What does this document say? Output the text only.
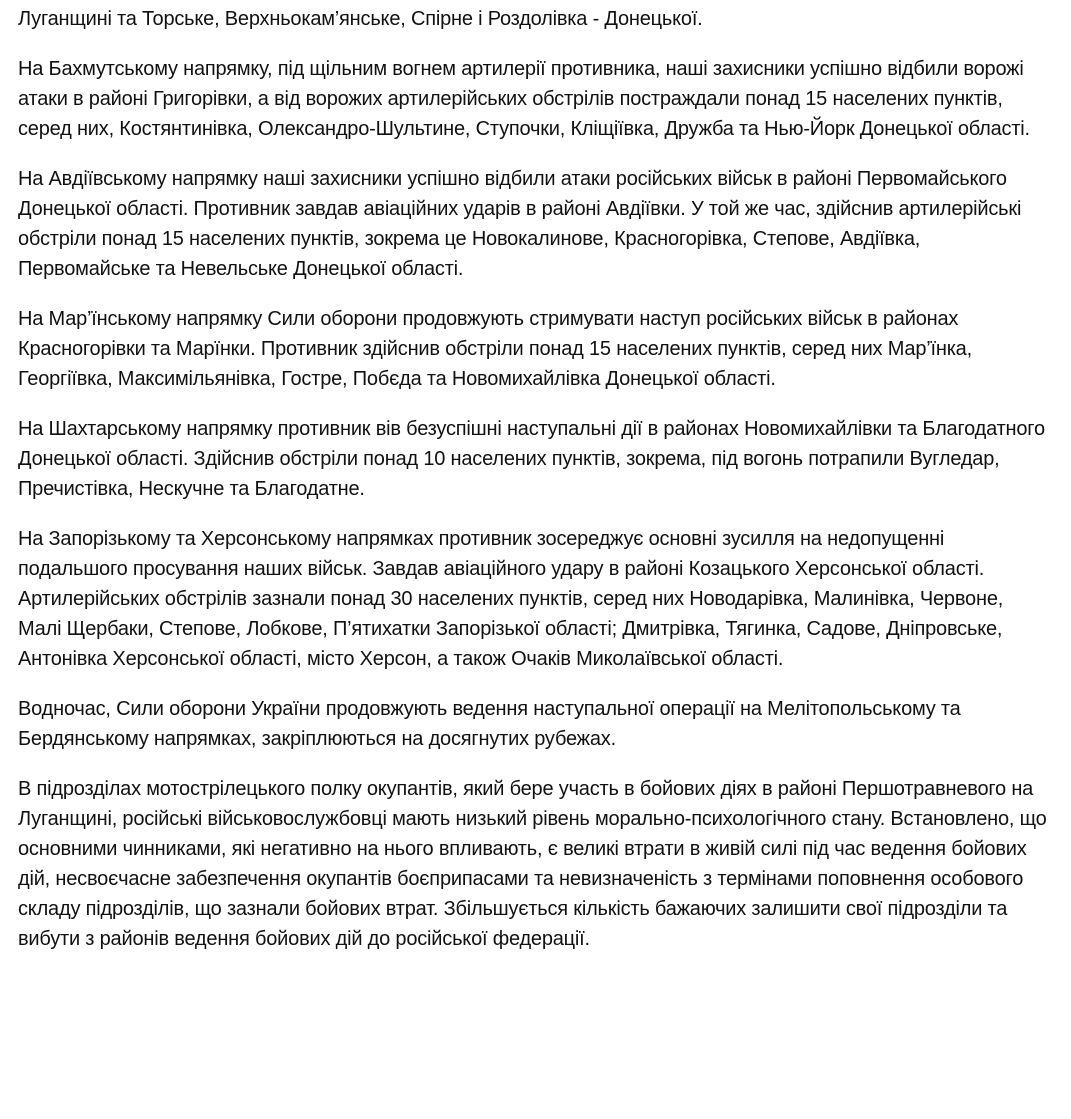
Луганщині та Торське, Верхньокам’янське, Спірне і Роздолівка - Донецької.

На Бахмутському напрямку, під щільним вогнем артилерії противника, наші захисники успішно відбили ворожі атаки в районі Григорівки, а від ворожих артилерійських обстрілів постраждали понад 15 населених пунктів, серед них, Костянтинівка, Олександро-Шультине, Ступочки, Кліщіївка, Дружба та Нью-Йорк Донецької області.

На Авдіївському напрямку наші захисники успішно відбили атаки російських військ в районі Первомайського Донецької області. Противник завдав авіаційних ударів в районі Авдіївки. У той же час, здійснив артилерійські обстріли понад 15 населених пунктів, зокрема це Новокалинове, Красногорівка, Степове, Авдіївка, Первомайське та Невельське Донецької області.

На Мар’їнському напрямку Сили оборони продовжують стримувати наступ російських військ в районах Красногорівки та Марїнки. Противник здійснив обстріли понад 15 населених пунктів, серед них Мар’їнка, Георгіївка, Максимільянівка, Гостре, Побєда та Новомихайлівка Донецької області.

На Шахтарському напрямку противник вів безуспішні наступальні дії в районах Новомихайлівки та Благодатного Донецької області. Здійснив обстріли понад 10 населених пунктів, зокрема, під вогонь потрапили Вугледар, Пречистівка, Нескучне та Благодатне.

На Запорізькому та Херсонському напрямках противник зосереджує основні зусилля на недопущенні подальшого просування наших військ. Завдав авіаційного удару в районі Козацького Херсонської області. Артилерійських обстрілів зазнали понад 30 населених пунктів, серед них Новодарівка, Малинівка, Червоне, Малі Щербаки, Степове, Лобкове, П’ятихатки Запорізької області; Дмитрівка, Тягинка, Садове, Дніпровське, Антонівка Херсонської області, місто Херсон, а також Очаків Миколаївської області.

Водночас, Сили оборони України продовжують ведення наступальної операції на Мелітопольському та Бердянському напрямках, закріплюються на досягнутих рубежах.

В підрозділах мотострілецького полку окупантів, який бере участь в бойових діях в районі Першотравневого на Луганщині, російські військовослужбовці мають низький рівень морально-психологічного стану. Встановлено, що основними чинниками, які негативно на нього впливають, є великі втрати в живій силі під час ведення бойових дій, несвоєчасне забезпечення окупантів боєприпасами та невизначеність з термінами поповнення особового складу підрозділів, що зазнали бойових втрат. Збільшується кількість бажаючих залишити свої підрозділи та вибути з районів ведення бойових дій до російської федерації.
